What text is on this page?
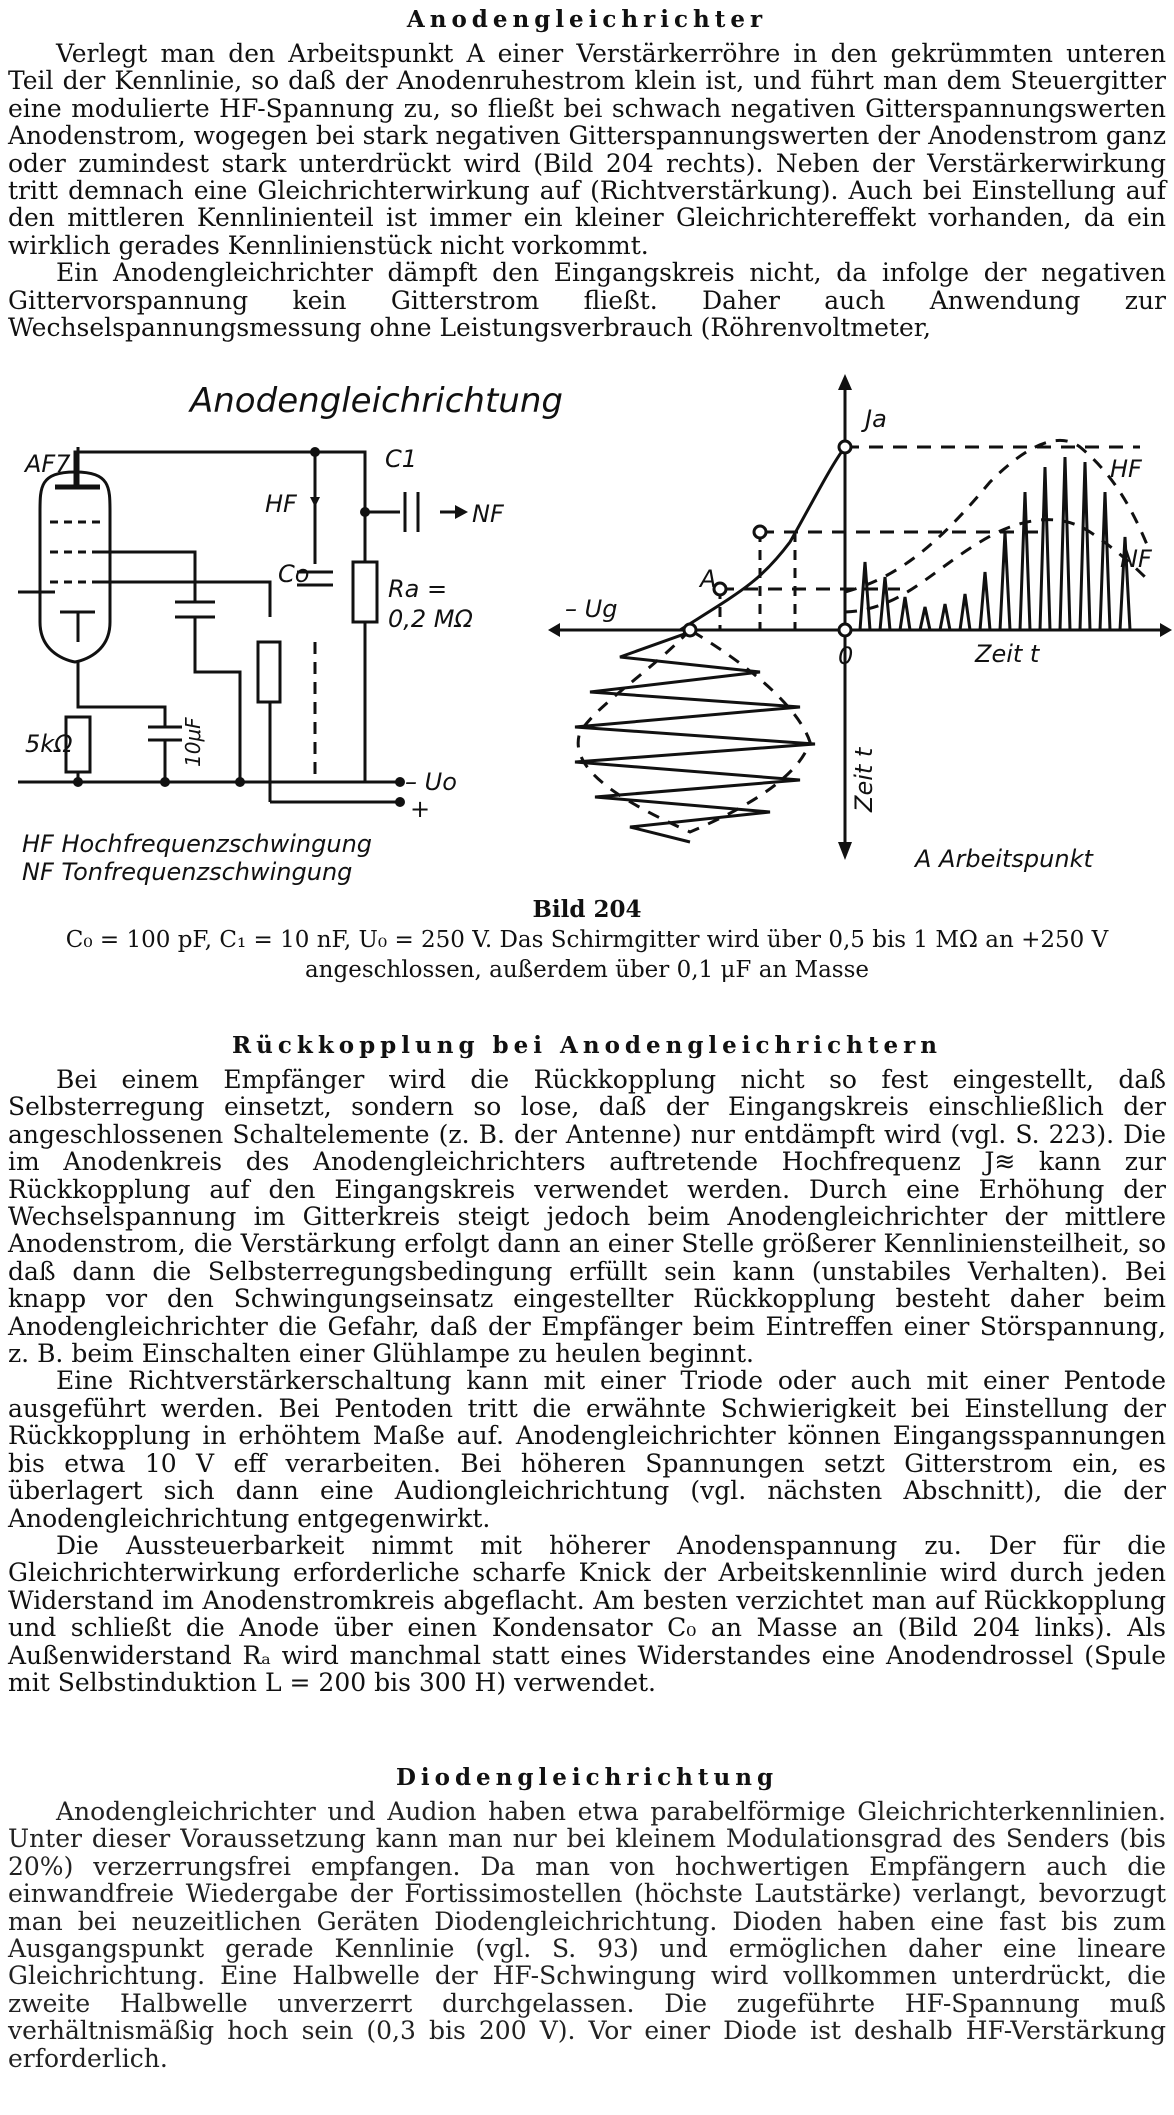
Anodengleichrichter

Verlegt man den Arbeitspunkt A einer Verstärkerröhre in den gekrümmten unteren Teil der Kennlinie, so daß der Anodenruhestrom klein ist, und führt man dem Steuergitter eine modulierte HF-Spannung zu, so fließt bei schwach negativen Gitterspannungswerten Anodenstrom, wogegen bei stark negativen Gitterspannungswerten der Anodenstrom ganz oder zumindest stark unterdrückt wird (Bild 204 rechts). Neben der Verstärkerwirkung tritt demnach eine Gleichrichterwirkung auf (Richtverstärkung). Auch bei Einstellung auf den mittleren Kennlinienteil ist immer ein kleiner Gleichrichtereffekt vorhanden, da ein wirklich gerades Kennlinienstück nicht vorkommt.

Ein Anodengleichrichter dämpft den Eingangskreis nicht, da infolge der negativen Gittervorspannung kein Gitterstrom fließt. Daher auch Anwendung zur Wechselspannungsmessung ohne Leistungsverbrauch (Röhrenvoltmeter,

Anodengleichrichtung
AF7
HF
Co
C1
NF
Ra =
0,2 MΩ
5kΩ	10μF
– Uo
+
HF Hochfrequenzschwingung
NF Tonfrequenzschwingung
Ja
HF
NF
– Ug
A
0	Zeit t
Zeit t
A Arbeitspunkt
Bild 204
C₀ = 100 pF, C₁ = 10 nF, U₀ = 250 V. Das Schirmgitter wird über 0,5 bis 1 MΩ an +250 V
angeschlossen, außerdem über 0,1 μF an Masse
Rückkopplung bei Anodengleichrichtern

Bei einem Empfänger wird die Rückkopplung nicht so fest eingestellt, daß Selbsterregung einsetzt, sondern so lose, daß der Eingangskreis einschließlich der angeschlossenen Schaltelemente (z. B. der Antenne) nur entdämpft wird (vgl. S. 223). Die im Anodenkreis des Anodengleichrichters auftretende Hochfrequenz J≋ kann zur Rückkopplung auf den Eingangskreis verwendet werden. Durch eine Erhöhung der Wechselspannung im Gitterkreis steigt jedoch beim Anodengleichrichter der mittlere Anodenstrom, die Verstärkung erfolgt dann an einer Stelle größerer Kennliniensteilheit, so daß dann die Selbsterregungsbedingung erfüllt sein kann (unstabiles Verhalten). Bei knapp vor den Schwingungseinsatz eingestellter Rückkopplung besteht daher beim Anodengleichrichter die Gefahr, daß der Empfänger beim Eintreffen einer Störspannung, z. B. beim Einschalten einer Glühlampe zu heulen beginnt.

Eine Richtverstärkerschaltung kann mit einer Triode oder auch mit einer Pentode ausgeführt werden. Bei Pentoden tritt die erwähnte Schwierigkeit bei Einstellung der Rückkopplung in erhöhtem Maße auf. Anodengleichrichter können Eingangsspannungen bis etwa 10 V eff verarbeiten. Bei höheren Spannungen setzt Gitterstrom ein, es überlagert sich dann eine Audiongleichrichtung (vgl. nächsten Abschnitt), die der Anodengleichrichtung entgegenwirkt.

Die Aussteuerbarkeit nimmt mit höherer Anodenspannung zu. Der für die Gleichrichterwirkung erforderliche scharfe Knick der Arbeitskennlinie wird durch jeden Widerstand im Anodenstromkreis abgeflacht. Am besten verzichtet man auf Rückkopplung und schließt die Anode über einen Kondensator C₀ an Masse an (Bild 204 links). Als Außenwiderstand Rₐ wird manchmal statt eines Widerstandes eine Anodendrossel (Spule mit Selbstinduktion L = 200 bis 300 H) verwendet.

Diodengleichrichtung

Anodengleichrichter und Audion haben etwa parabelförmige Gleichrichterkennlinien. Unter dieser Voraussetzung kann man nur bei kleinem Modulationsgrad des Senders (bis 20%) verzerrungsfrei empfangen. Da man von hochwertigen Empfängern auch die einwandfreie Wiedergabe der Fortissimostellen (höchste Lautstärke) verlangt, bevorzugt man bei neuzeitlichen Geräten Diodengleichrichtung. Dioden haben eine fast bis zum Ausgangspunkt gerade Kennlinie (vgl. S. 93) und ermöglichen daher eine lineare Gleichrichtung. Eine Halbwelle der HF-Schwingung wird vollkommen unterdrückt, die zweite Halbwelle unverzerrt durchgelassen. Die zugeführte HF-Spannung muß verhältnismäßig hoch sein (0,3 bis 200 V). Vor einer Diode ist deshalb HF-Verstärkung erforderlich.
